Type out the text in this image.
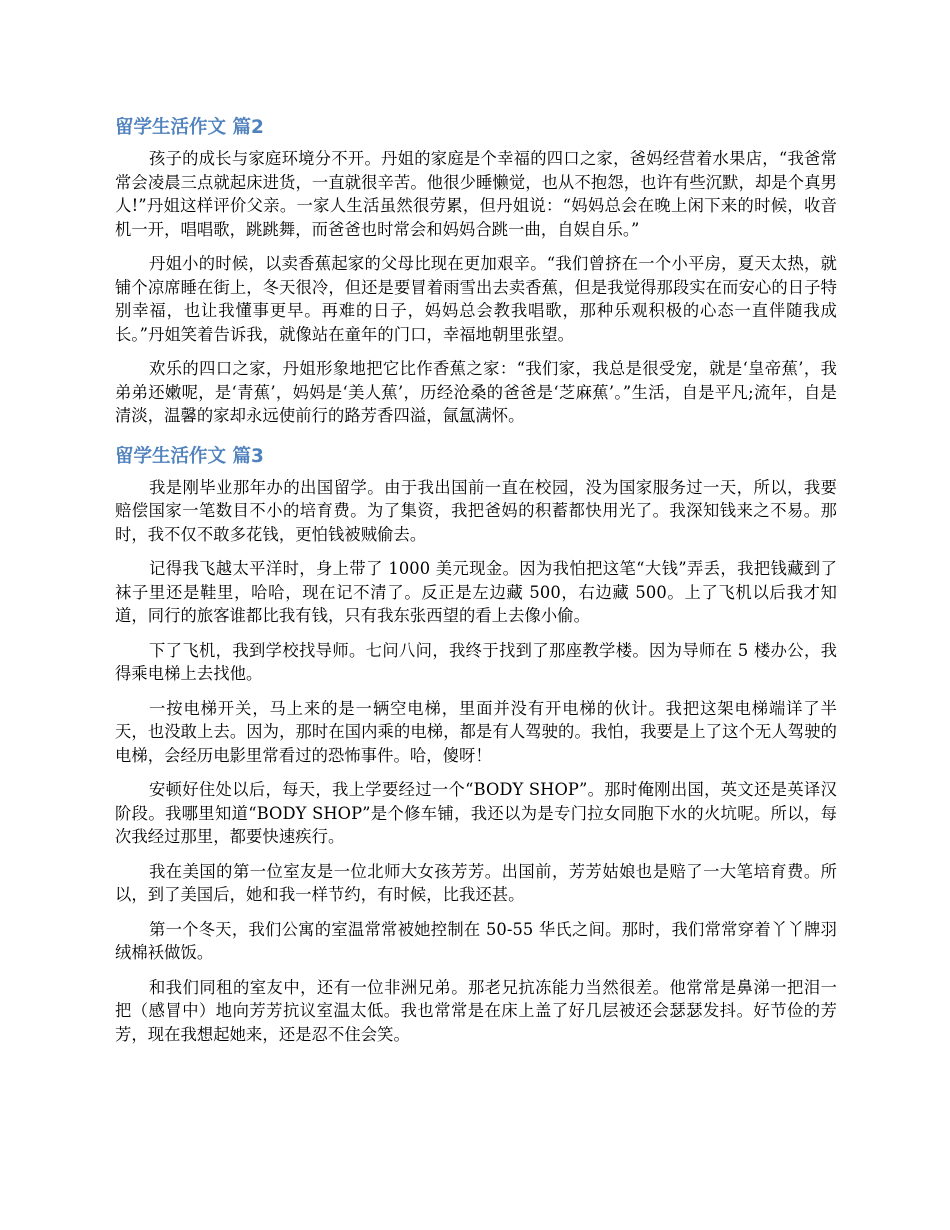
留学生活作文 篇2

孩子的成长与家庭环境分不开。丹姐的家庭是个幸福的四口之家，爸妈经营着水果店，“我爸常常会凌晨三点就起床进货，一直就很辛苦。他很少睡懒觉，也从不抱怨，也许有些沉默，却是个真男人!”丹姐这样评价父亲。一家人生活虽然很劳累，但丹姐说：“妈妈总会在晚上闲下来的时候，收音机一开，唱唱歌，跳跳舞，而爸爸也时常会和妈妈合跳一曲，自娱自乐。”

丹姐小的时候，以卖香蕉起家的父母比现在更加艰辛。“我们曾挤在一个小平房，夏天太热，就铺个凉席睡在街上，冬天很冷，但还是要冒着雨雪出去卖香蕉，但是我觉得那段实在而安心的日子特别幸福，也让我懂事更早。再难的日子，妈妈总会教我唱歌，那种乐观积极的心态一直伴随我成长。”丹姐笑着告诉我，就像站在童年的门口，幸福地朝里张望。

欢乐的四口之家，丹姐形象地把它比作香蕉之家：“我们家，我总是很受宠，就是‘皇帝蕉’，我弟弟还嫩呢，是‘青蕉’，妈妈是‘美人蕉’，历经沧桑的爸爸是‘芝麻蕉’。”生活，自是平凡;流年，自是清淡，温馨的家却永远使前行的路芳香四溢，氤氲满怀。

留学生活作文 篇3

我是刚毕业那年办的出国留学。由于我出国前一直在校园，没为国家服务过一天，所以，我要赔偿国家一笔数目不小的培育费。为了集资，我把爸妈的积蓄都快用光了。我深知钱来之不易。那时，我不仅不敢多花钱，更怕钱被贼偷去。

记得我飞越太平洋时，身上带了 1000 美元现金。因为我怕把这笔“大钱”弄丢，我把钱藏到了袜子里还是鞋里，哈哈，现在记不清了。反正是左边藏 500，右边藏 500。上了飞机以后我才知道，同行的旅客谁都比我有钱，只有我东张西望的看上去像小偷。

下了飞机，我到学校找导师。七问八问，我终于找到了那座教学楼。因为导师在 5 楼办公，我得乘电梯上去找他。

一按电梯开关，马上来的是一辆空电梯，里面并没有开电梯的伙计。我把这架电梯端详了半天，也没敢上去。因为，那时在国内乘的电梯，都是有人驾驶的。我怕，我要是上了这个无人驾驶的电梯，会经历电影里常看过的恐怖事件。哈，傻呀！

安顿好住处以后，每天，我上学要经过一个“BODY SHOP”。那时俺刚出国，英文还是英译汉阶段。我哪里知道“BODY SHOP”是个修车铺，我还以为是专门拉女同胞下水的火坑呢。所以，每次我经过那里，都要快速疾行。

我在美国的第一位室友是一位北师大女孩芳芳。出国前，芳芳姑娘也是赔了一大笔培育费。所以，到了美国后，她和我一样节约，有时候，比我还甚。

第一个冬天，我们公寓的室温常常被她控制在 50-55 华氏之间。那时，我们常常穿着丫丫牌羽绒棉袄做饭。

和我们同租的室友中，还有一位非洲兄弟。那老兄抗冻能力当然很差。他常常是鼻涕一把泪一把（感冒中）地向芳芳抗议室温太低。我也常常是在床上盖了好几层被还会瑟瑟发抖。好节俭的芳芳，现在我想起她来，还是忍不住会笑。
